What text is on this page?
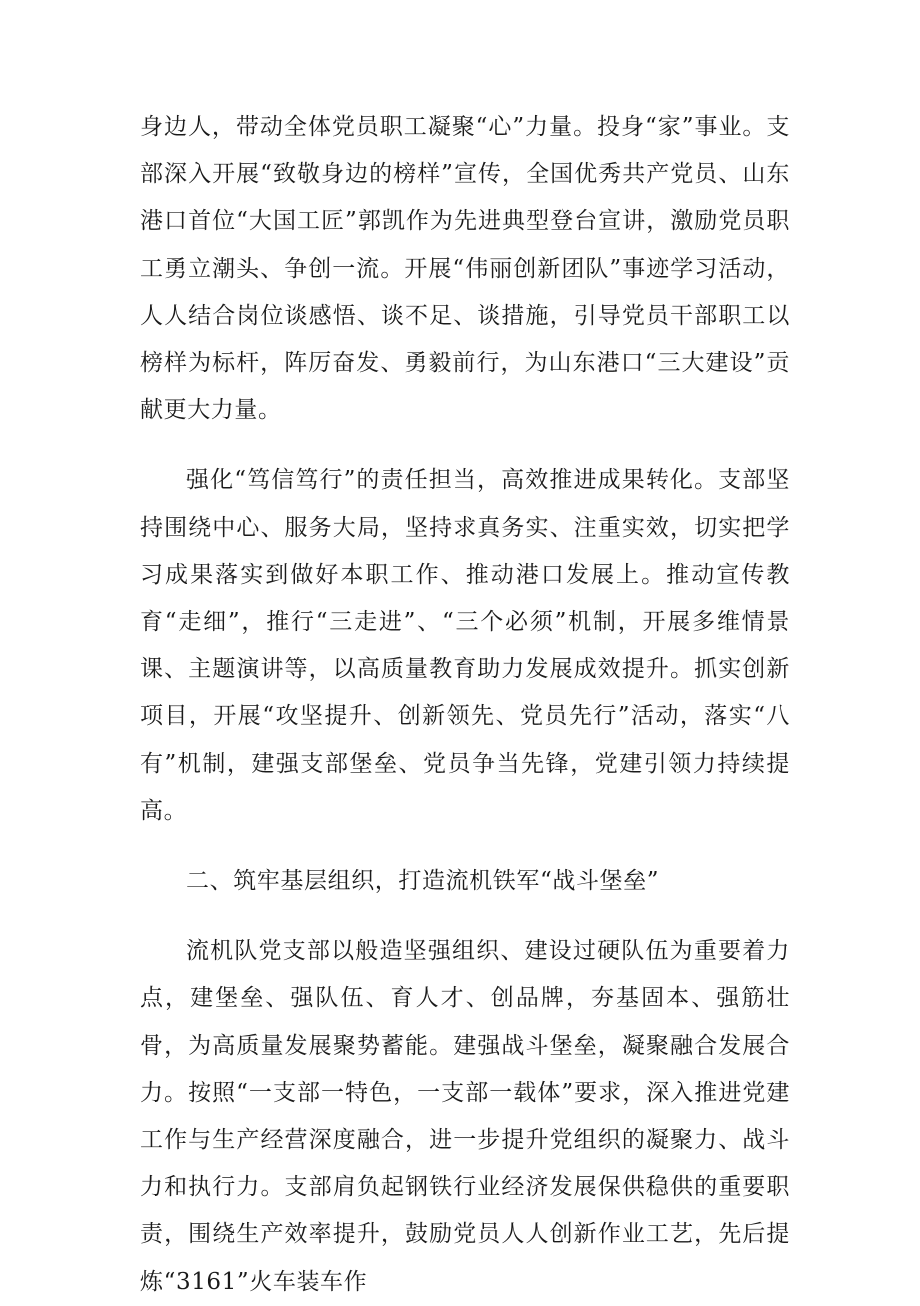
身边人，带动全体党员职工凝聚“心”力量。投身“家”事业。支部深入开展“致敬身边的榜样”宣传，全国优秀共产党员、山东港口首位“大国工匠”郭凯作为先进典型登台宣讲，激励党员职工勇立潮头、争创一流。开展“伟丽创新团队”事迹学习活动，人人结合岗位谈感悟、谈不足、谈措施，引导党员干部职工以榜样为标杆，阵厉奋发、勇毅前行，为山东港口“三大建设”贡献更大力量。

强化“笃信笃行”的责任担当，高效推进成果转化。支部坚持围绕中心、服务大局，坚持求真务实、注重实效，切实把学习成果落实到做好本职工作、推动港口发展上。推动宣传教育“走细”，推行“三走进”、“三个必须”机制，开展多维情景课、主题演讲等，以高质量教育助力发展成效提升。抓实创新项目，开展“攻坚提升、创新领先、党员先行”活动，落实“八有”机制，建强支部堡垒、党员争当先锋，党建引领力持续提高。

二、筑牢基层组织，打造流机铁军“战斗堡垒”

流机队党支部以般造坚强组织、建设过硬队伍为重要着力点，建堡垒、强队伍、育人才、创品牌，夯基固本、强筋壮骨，为高质量发展聚势蓄能。建强战斗堡垒，凝聚融合发展合力。按照“一支部一特色，一支部一载体”要求，深入推进党建工作与生产经营深度融合，进一步提升党组织的凝聚力、战斗力和执行力。支部肩负起钢铁行业经济发展保供稳供的重要职责，围绕生产效率提升，鼓励党员人人创新作业工艺，先后提炼“3161”火车装车作
